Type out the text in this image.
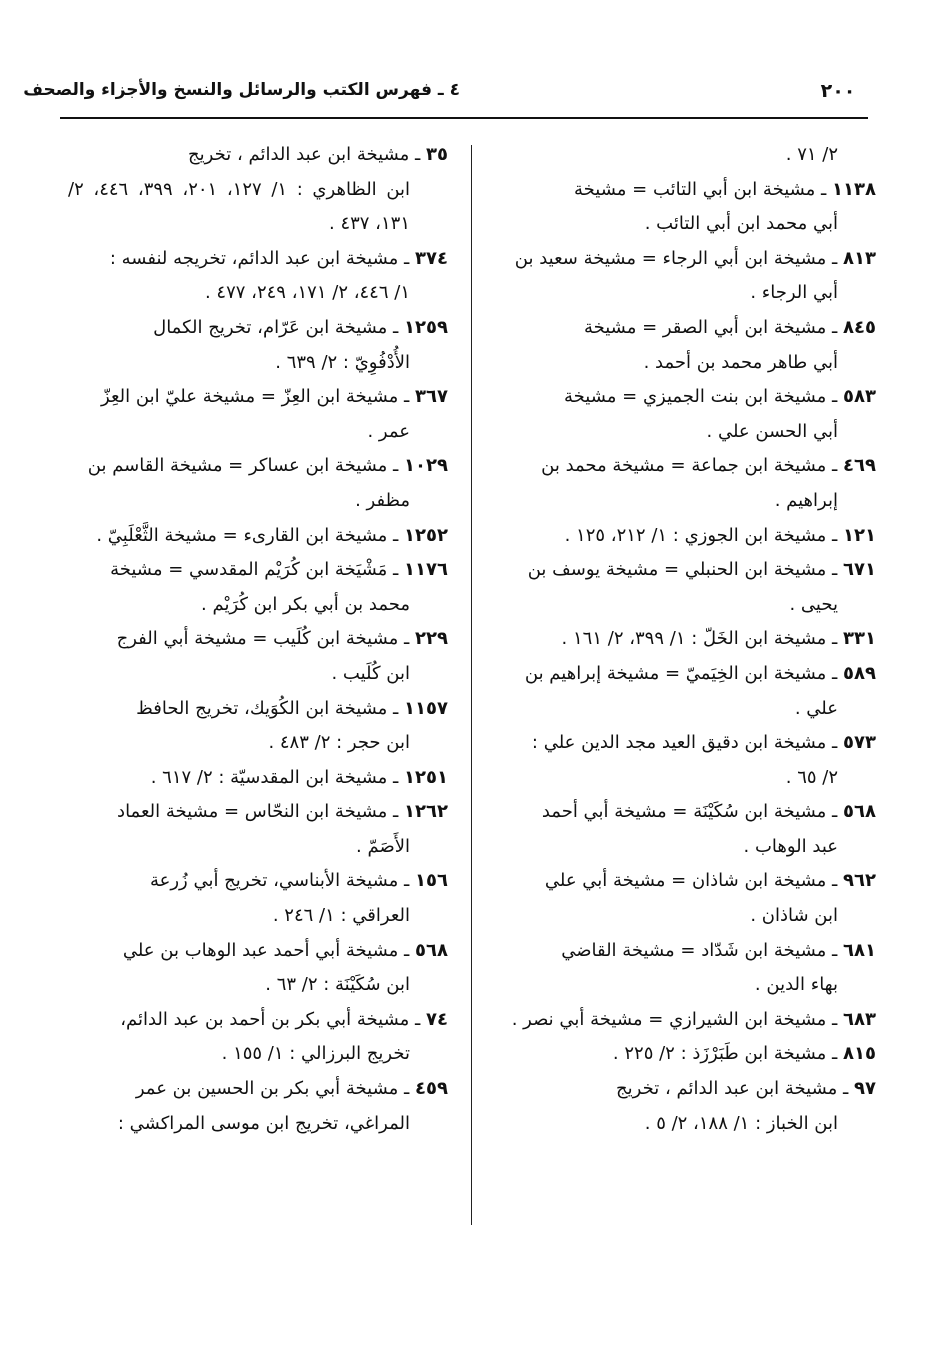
٢٠٠
٤ ـ فهرس الكتب والرسائل والنسخ والأجزاء والصحف
٢/ ٧١ .
١١٣٨ ـ مشيخة ابن أبي التائب = مشيخة
أبي محمد ابن أبي التائب .
٨١٣ ـ مشيخة ابن أبي الرجاء = مشيخة سعيد بن
أبي الرجاء .
٨٤٥ ـ مشيخة ابن أبي الصقر = مشيخة
أبي طاهر محمد بن أحمد .
٥٨٣ ـ مشيخة ابن بنت الجميزي = مشيخة
أبي الحسن علي .
٤٦٩ ـ مشيخة ابن جماعة = مشيخة محمد بن
إبراهيم .
١٢١ ـ مشيخة ابن الجوزي : ١/ ٢١٢، ١٢٥ .
٦٧١ ـ مشيخة ابن الحنبلي = مشيخة يوسف بن
يحيى .
٣٣١ ـ مشيخة ابن الخَلّ : ١/ ٣٩٩، ٢/ ١٦١ .
٥٨٩ ـ مشيخة ابن الخِيَميّ = مشيخة إبراهيم بن
علي .
٥٧٣ ـ مشيخة ابن دقيق العيد مجد الدين علي :
٢/ ٦٥ .
٥٦٨ ـ مشيخة ابن سُكَيْنَة = مشيخة أبي أحمد
عبد الوهاب .
٩٦٢ ـ مشيخة ابن شاذان = مشيخة أبي علي
ابن شاذان .
٦٨١ ـ مشيخة ابن شَدّاد = مشيخة القاضي
بهاء الدين .
٦٨٣ ـ مشيخة ابن الشيرازي = مشيخة أبي نصر .
٨١٥ ـ مشيخة ابن طَبَرْزَذ : ٢/ ٢٢٥ .
٩٧ ـ مشيخة ابن عبد الدائم ، تخريج
ابن الخباز : ١/ ١٨٨، ٢/ ٥ .
٣٥ ـ مشيخة ابن عبد الدائم ، تخريج
ابن الظاهري : ١/ ١٢٧، ٢٠١، ٣٩٩، ٤٤٦، ٢/ ١٣١، ٤٣٧ .
٣٧٤ ـ مشيخة ابن عبد الدائم، تخريجه لنفسه :
١/ ٤٤٦، ٢/ ١٧١، ٢٤٩، ٤٧٧ .
١٢٥٩ ـ مشيخة ابن عَرّام، تخريج الكمال
الأُدْفُوِيّ : ٢/ ٦٣٩ .
٣٦٧ ـ مشيخة ابن العِزّ = مشيخة عليّ ابن العِزّ
عمر .
١٠٢٩ ـ مشيخة ابن عساكر = مشيخة القاسم بن
مظفر .
١٢٥٢ ـ مشيخة ابن القارىء = مشيخة الثَّعْلَبِيّ .
١١٧٦ ـ مَشْيَخة ابن كُرَيْم المقدسي = مشيخة
محمد بن أبي بكر ابن كُرَيْم .
٢٢٩ ـ مشيخة ابن كُلَيب = مشيخة أبي الفرج
ابن كُلَيب .
١١٥٧ ـ مشيخة ابن الكُوَيك، تخريج الحافظ
ابن حجر : ٢/ ٤٨٣ .
١٢٥١ ـ مشيخة ابن المقدسيّة : ٢/ ٦١٧ .
١٢٦٢ ـ مشيخة ابن النحّاس = مشيخة العماد
الأَصَمّ .
١٥٦ ـ مشيخة الأبناسي، تخريج أبي زُرعة
العراقي : ١/ ٢٤٦ .
٥٦٨ ـ مشيخة أبي أحمد عبد الوهاب بن علي
ابن سُكَيْنَة : ٢/ ٦٣ .
٧٤ ـ مشيخة أبي بكر بن أحمد بن عبد الدائم،
تخريج البرزالي : ١/ ١٥٥ .
٤٥٩ ـ مشيخة أبي بكر بن الحسين بن عمر
المراغي، تخريج ابن موسى المراكشي :
